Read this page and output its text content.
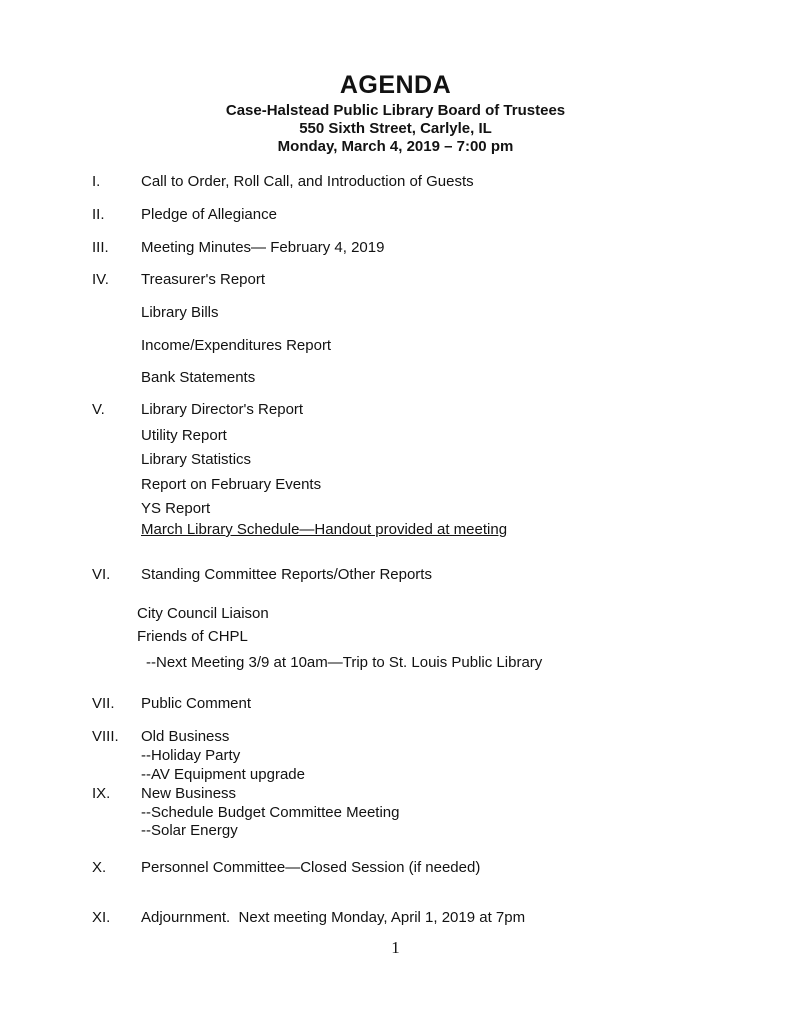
AGENDA
Case-Halstead Public Library Board of Trustees
550 Sixth Street, Carlyle, IL
Monday, March 4, 2019 – 7:00 pm

I.

	Call to Order, Roll Call, and Introduction of Guests

II.

Pledge of Allegiance

III.

Meeting Minutes— February 4, 2019

IV.

Treasurer's Report

Library Bills

Income/Expenditures Report

Bank Statements

V.

Library Director's Report

Utility Report

Library Statistics

Report on February Events

YS Report

March Library Schedule—Handout provided at meeting

VI.

Standing Committee Reports/Other Reports

City Council Liaison

Friends of CHPL

--Next Meeting 3/9 at 10am—Trip to St. Louis Public Library

VII.

Public Comment

VIII.

Old Business

--Holiday Party

--AV Equipment upgrade

IX.

New Business

--Schedule Budget Committee Meeting

--Solar Energy

X.

Personnel Committee—Closed Session (if needed)

XI.

Adjournment.  Next meeting Monday, April 1, 2019 at 7pm

1
